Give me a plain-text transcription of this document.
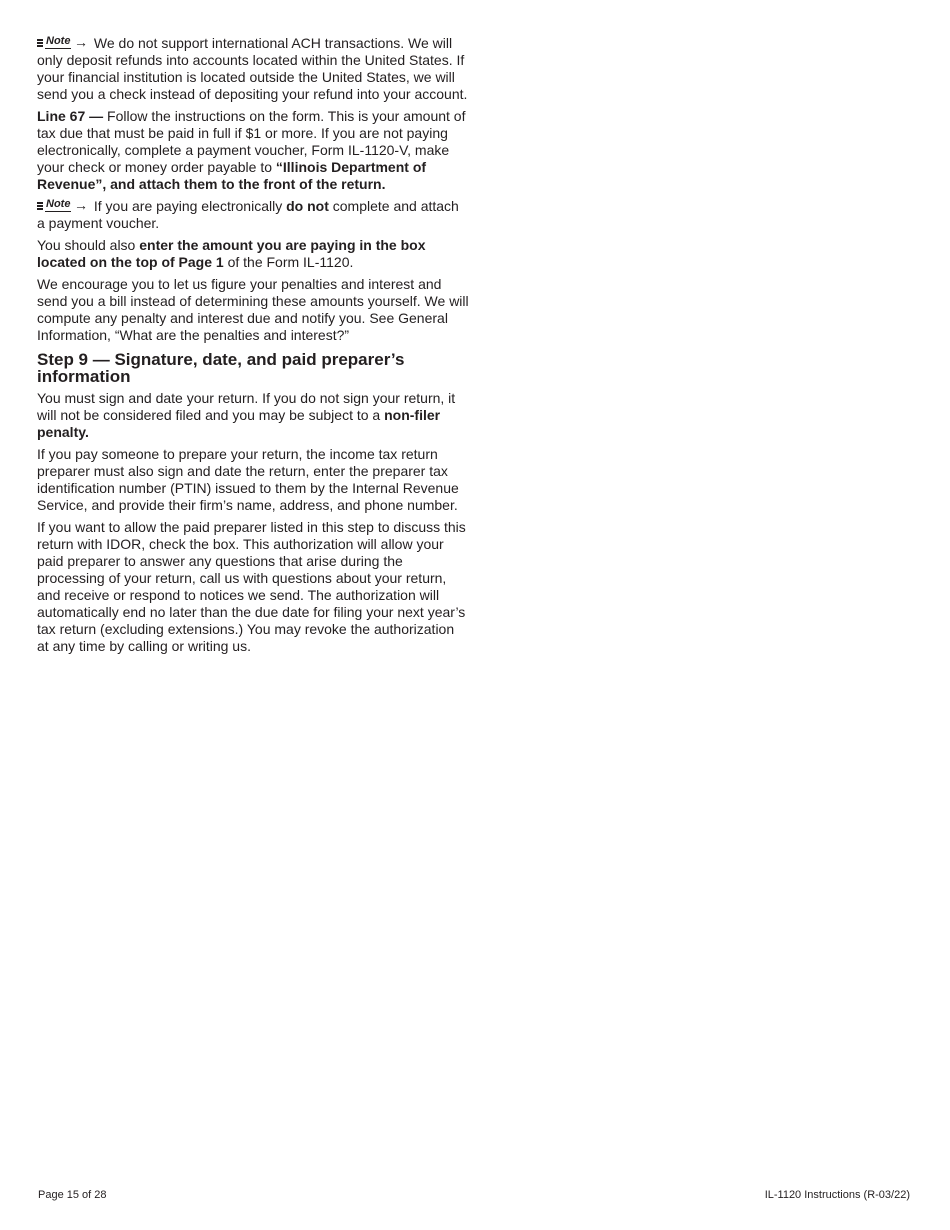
Note → We do not support international ACH transactions. We will only deposit refunds into accounts located within the United States. If your financial institution is located outside the United States, we will send you a check instead of depositing your refund into your account.

Line 67 — Follow the instructions on the form. This is your amount of tax due that must be paid in full if $1 or more. If you are not paying electronically, complete a payment voucher, Form IL-1120-V, make your check or money order payable to “Illinois Department of Revenue”, and attach them to the front of the return.

Note → If you are paying electronically do not complete and attach a payment voucher.

You should also enter the amount you are paying in the box located on the top of Page 1 of the Form IL-1120.

We encourage you to let us figure your penalties and interest and send you a bill instead of determining these amounts yourself. We will compute any penalty and interest due and notify you. See General Information, “What are the penalties and interest?”

Step 9 — Signature, date, and paid preparer’s information

You must sign and date your return. If you do not sign your return, it will not be considered filed and you may be subject to a non-filer penalty.

If you pay someone to prepare your return, the income tax return preparer must also sign and date the return, enter the preparer tax identification number (PTIN) issued to them by the Internal Revenue Service, and provide their firm’s name, address, and phone number.

If you want to allow the paid preparer listed in this step to discuss this return with IDOR, check the box. This authorization will allow your paid preparer to answer any questions that arise during the processing of your return, call us with questions about your return, and receive or respond to notices we send. The authorization will automatically end no later than the due date for filing your next year’s tax return (excluding extensions.) You may revoke the authorization at any time by calling or writing us.

Page 15 of 28	IL-1120 Instructions (R-03/22)
